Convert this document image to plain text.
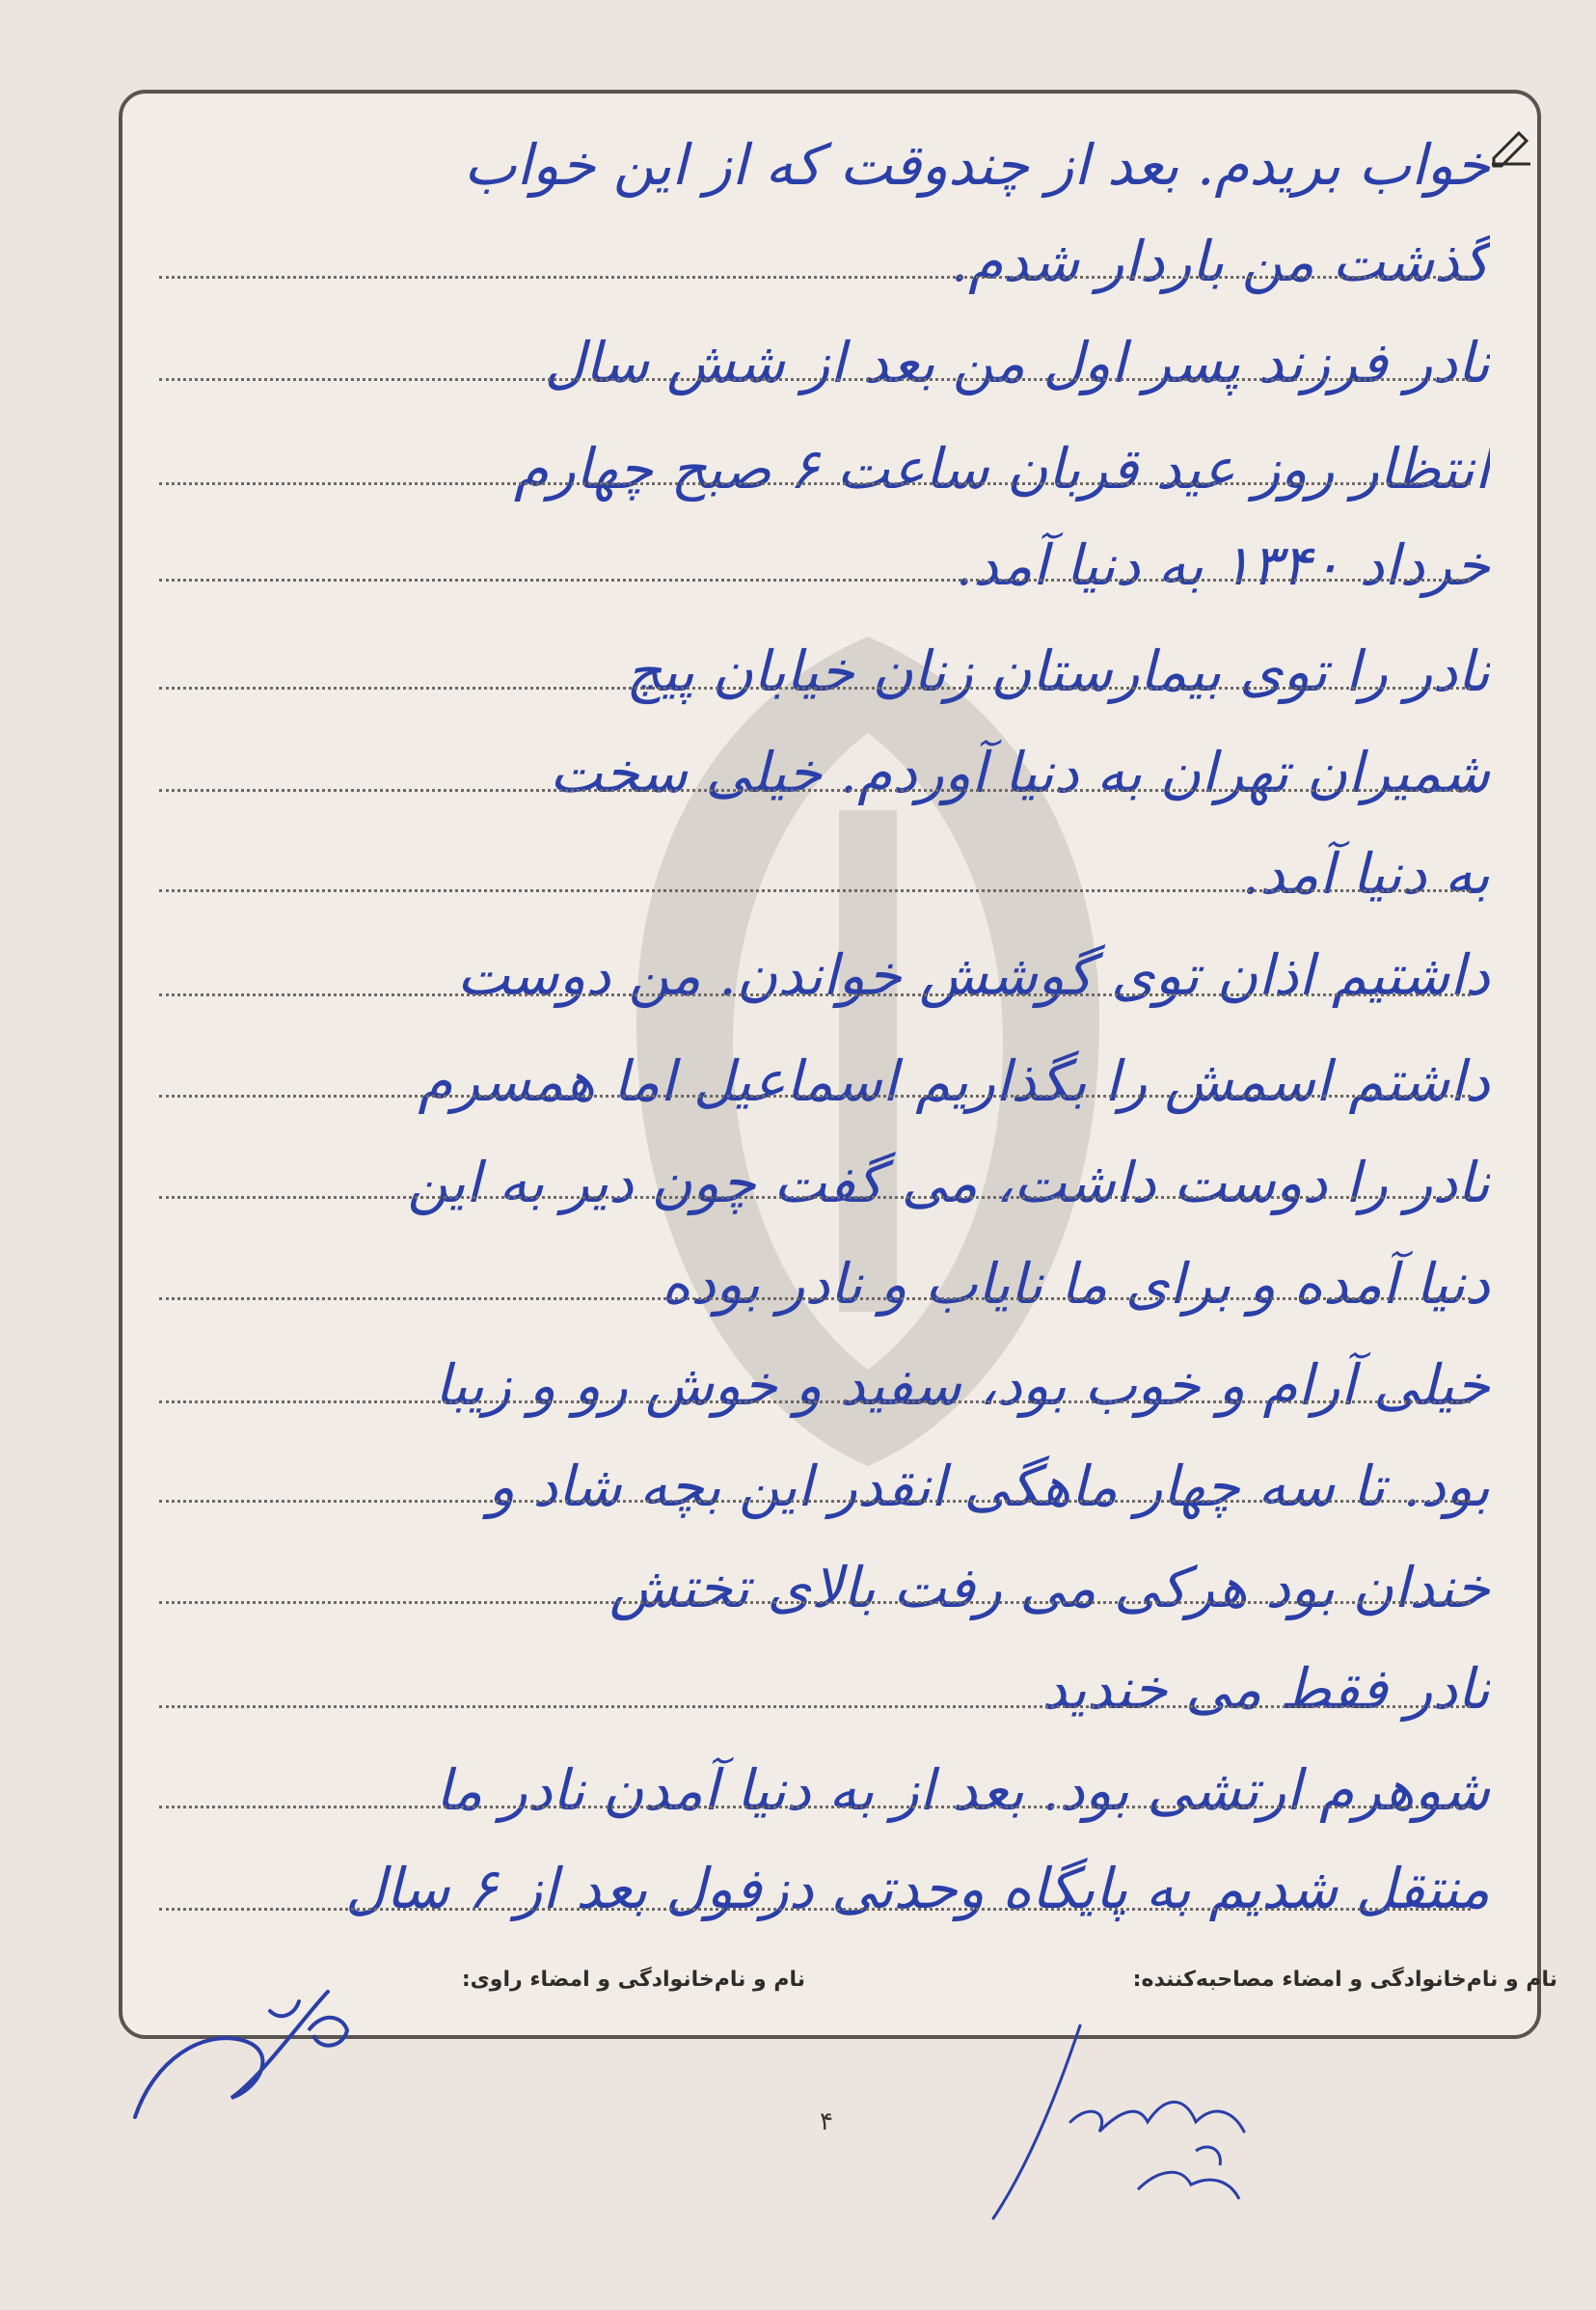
خواب بریدم. بعد از چندوقت که از این خواب
گذشت من باردار شدم.
نادر فرزند پسر اول من بعد از شش سال
انتظار روز عید قربان ساعت ۶ صبح چهارم
خرداد ۱۳۴۰ به دنیا آمد.
نادر را توی بیمارستان زنان خیابان پیچ
شمیران تهران به دنیا آوردم. خیلی سخت
به دنیا آمد.
داشتیم اذان توی گوشش خواندن. من دوست
داشتم اسمش را بگذاریم اسماعیل اما همسرم
نادر را دوست داشت، می گفت چون دیر به این
دنیا آمده و برای ما نایاب و نادر بوده
خیلی آرام و خوب بود، سفید و خوش رو و زیبا
بود. تا سه چهار ماهگی انقدر این بچه شاد و
خندان بود هرکی می رفت بالای تختش
نادر فقط می خندید
شوهرم ارتشی بود. بعد از به دنیا آمدن نادر ما
منتقل شدیم به پایگاه وحدتی دزفول بعد از ۶ سال
نام و نام‌خانوادگی و امضاء مصاحبه‌کننده:
نام و نام‌خانوادگی و امضاء راوی:
۴
